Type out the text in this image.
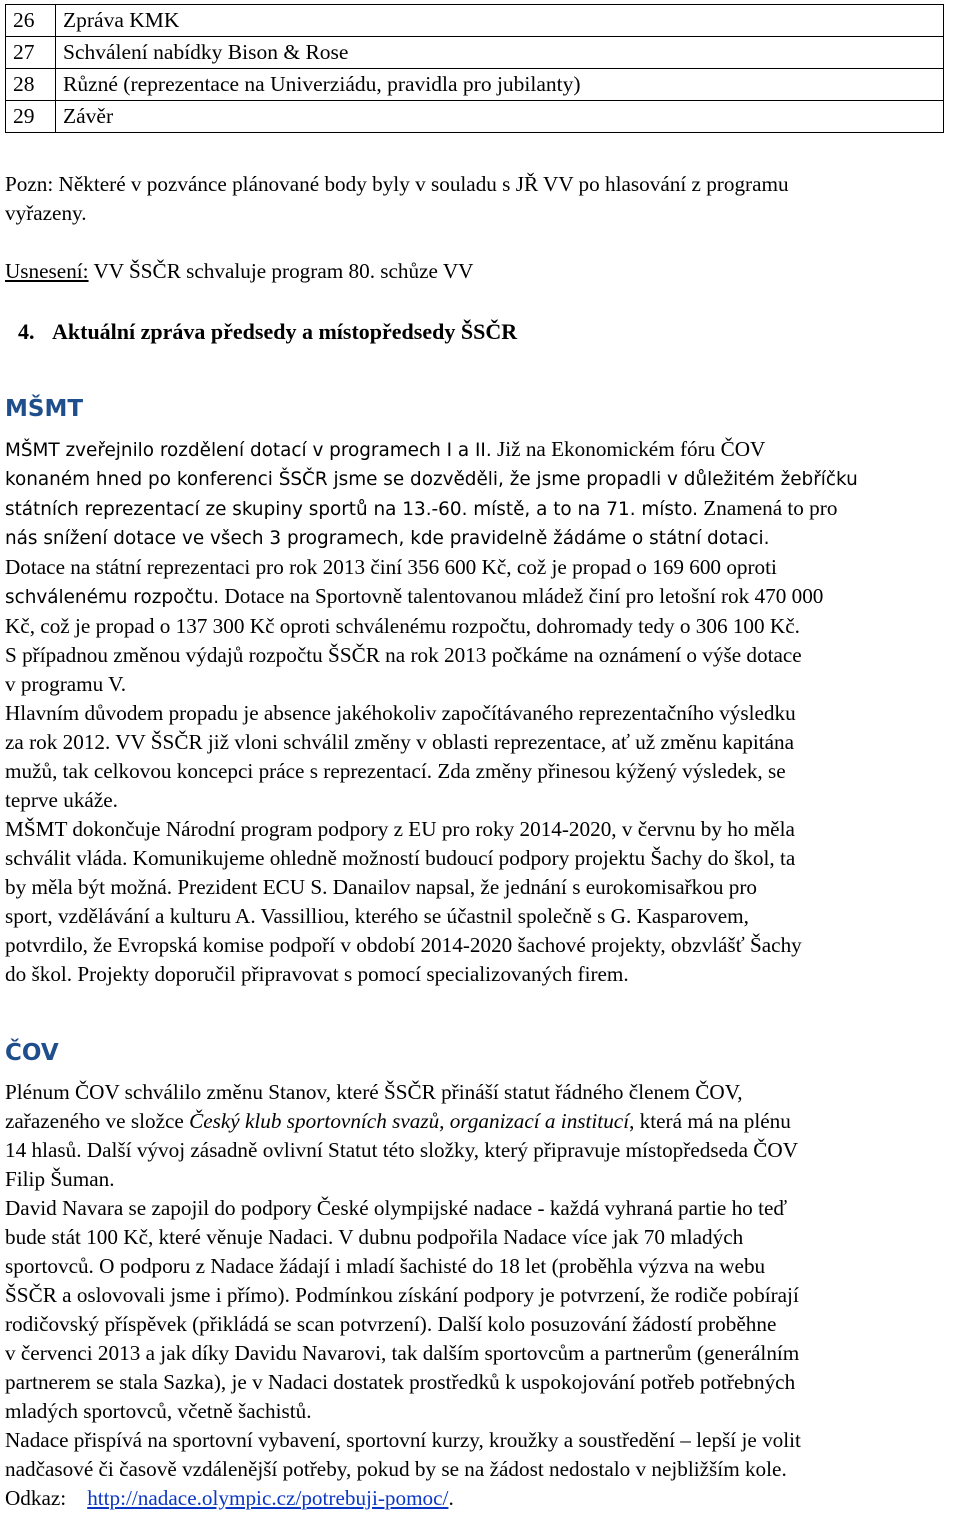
26	Zpráva KMK
27	Schválení nabídky Bison & Rose
28	Různé (reprezentace na Univerziádu, pravidla pro jubilanty)
29	Závěr
Pozn: Některé v pozvánce plánované body byly v souladu s JŘ VV po hlasování z programu
vyřazeny.
Usnesení: VV ŠSČR schvaluje program 80. schůze VV
4. Aktuální zpráva předsedy a místopředsedy ŠSČR
MŠMT
MŠMT zveřejnilo rozdělení dotací v programech I a II. Již na Ekonomickém fóru ČOV
konaném hned po konferenci ŠSČR jsme se dozvěděli, že jsme propadli v důležitém žebříčku
státních reprezentací ze skupiny sportů na 13.-60. místě, a to na 71. místo. Znamená to pro
nás snížení dotace ve všech 3 programech, kde pravidelně žádáme o státní dotaci.
Dotace na státní reprezentaci pro rok 2013 činí 356 600 Kč, což je propad o 169 600 oproti
schválenému rozpočtu. Dotace na Sportovně talentovanou mládež činí pro letošní rok 470 000
Kč, což je propad o 137 300 Kč oproti schválenému rozpočtu, dohromady tedy o 306 100 Kč.
S případnou změnou výdajů rozpočtu ŠSČR na rok 2013 počkáme na oznámení o výše dotace
v programu V.
Hlavním důvodem propadu je absence jakéhokoliv započítávaného reprezentačního výsledku
za rok 2012. VV ŠSČR již vloni schválil změny v oblasti reprezentace, ať už změnu kapitána
mužů, tak celkovou koncepci práce s reprezentací. Zda změny přinesou kýžený výsledek, se
teprve ukáže.
MŠMT dokončuje Národní program podpory z EU pro roky 2014-2020, v červnu by ho měla
schválit vláda. Komunikujeme ohledně možností budoucí podpory projektu Šachy do škol, ta
by měla být možná. Prezident ECU S. Danailov napsal, že jednání s eurokomisařkou pro
sport, vzdělávání a kulturu A. Vassilliou, kterého se účastnil společně s G. Kasparovem,
potvrdilo, že Evropská komise podpoří v období 2014-2020 šachové projekty, obzvlášť Šachy
do škol. Projekty doporučil připravovat s pomocí specializovaných firem.
ČOV
Plénum ČOV schválilo změnu Stanov, které ŠSČR přináší statut řádného členem ČOV,
zařazeného ve složce Český klub sportovních svazů, organizací a institucí, která má na plénu
14 hlasů. Další vývoj zásadně ovlivní Statut této složky, který připravuje místopředseda ČOV
Filip Šuman.
David Navara se zapojil do podpory České olympijské nadace - každá vyhraná partie ho teď
bude stát 100 Kč, které věnuje Nadaci. V dubnu podpořila Nadace více jak 70 mladých
sportovců. O podporu z Nadace žádají i mladí šachisté do 18 let (proběhla výzva na webu
ŠSČR a oslovovali jsme i přímo). Podmínkou získání podpory je potvrzení, že rodiče pobírají
rodičovský příspěvek (přikládá se scan potvrzení). Další kolo posuzování žádostí proběhne
v červenci 2013 a jak díky Davidu Navarovi, tak dalším sportovcům a partnerům (generálním
partnerem se stala Sazka), je v Nadaci dostatek prostředků k uspokojování potřeb potřebných
mladých sportovců, včetně šachistů.
Nadace přispívá na sportovní vybavení, sportovní kurzy, kroužky a soustředění – lepší je volit
nadčasové či časově vzdálenější potřeby, pokud by se na žádost nedostalo v nejbližším kole.
Odkaz: http://nadace.olympic.cz/potrebuji-pomoc/.
